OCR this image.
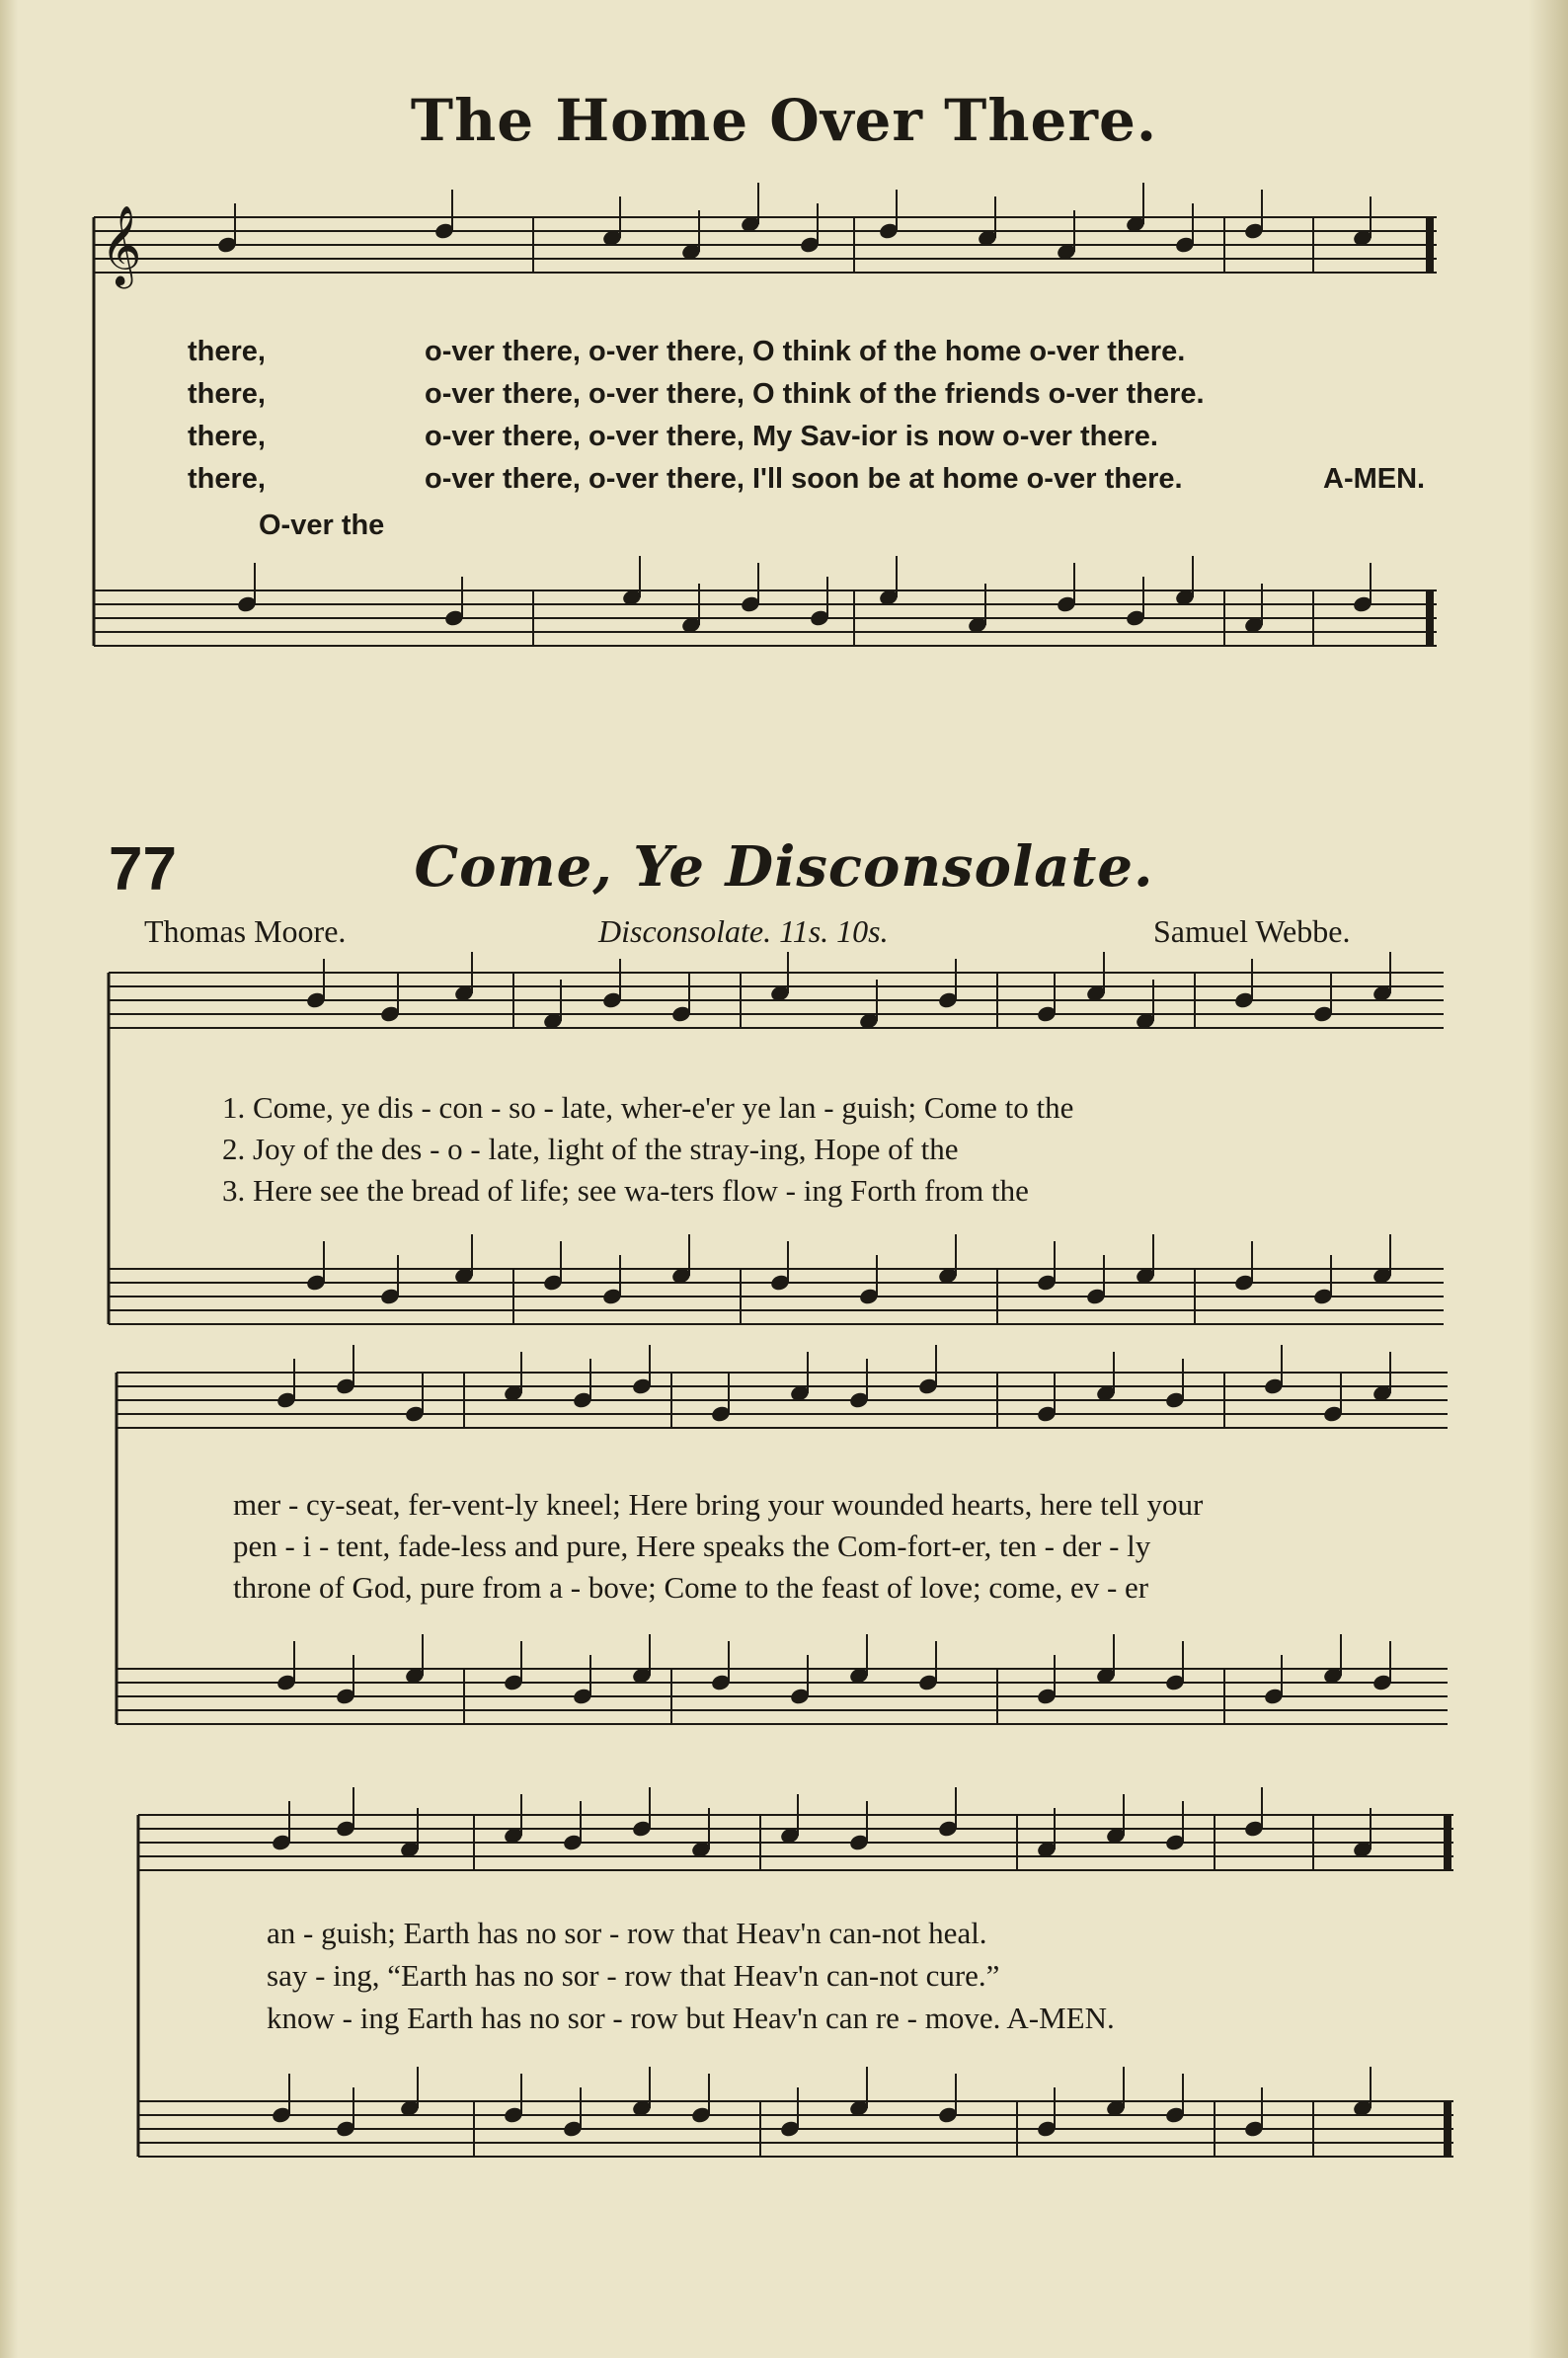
𝄞
The Home Over There.
there,	o-ver there, o-ver there, O think of the home o-ver there.
there,	o-ver there, o-ver there, O think of the friends o-ver there.
there,	o-ver there, o-ver there, My Sav-ior is now o-ver there.
there,	o-ver there, o-ver there, I'll soon be at home o-ver there.	A-MEN.
O-ver the
77	Come, Ye Disconsolate.
Thomas Moore.	Disconsolate. 11s. 10s.	Samuel Webbe.
1. Come, ye dis - con - so - late, wher-e'er ye lan - guish; Come to the
2. Joy of the des - o - late, light of the stray-ing, Hope of the
3. Here see the bread of life; see wa-ters flow - ing Forth from the
mer - cy-seat, fer-vent-ly kneel; Here bring your wounded hearts, here tell your
pen - i - tent, fade-less and pure, Here speaks the Com-fort-er, ten - der - ly
throne of God, pure from a - bove; Come to the feast of love; come, ev - er
an - guish; Earth has no sor - row that Heav'n can-not heal.
say - ing, “Earth has no sor - row that Heav'n can-not cure.”
know - ing Earth has no sor - row but Heav'n can re - move. A-MEN.
